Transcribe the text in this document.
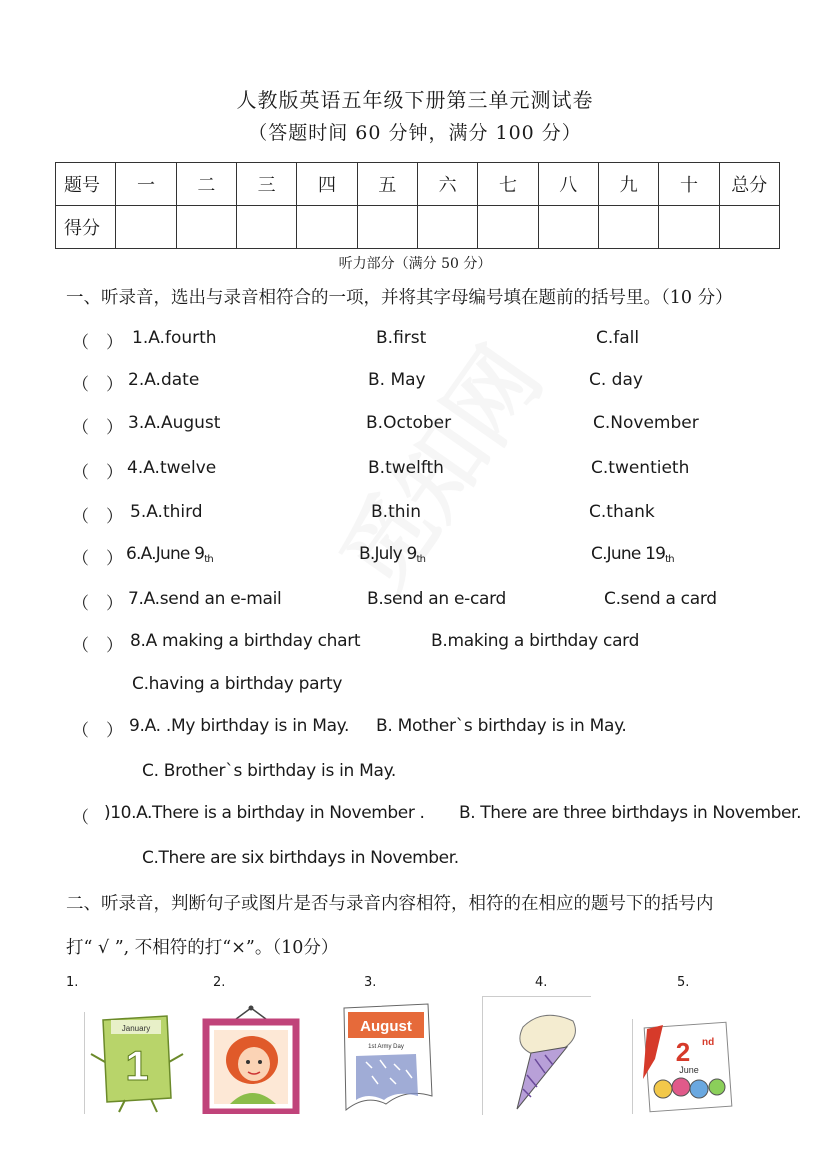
人教版英语五年级下册第三单元测试卷
（答题时间 60 分钟，满分 100 分）
题号	一	二	三	四	五	六	七	八	九	十	总分
得分											
听力部分（满分 50 分）
一、听录音，选出与录音相符合的一项，并将其字母编号填在题前的括号里。（10 分）
（　） 1.A.fourth	B.first	C.fall
（　） 2.A.date	B. May	C. day
（　） 3.A.August	B.October	C.November
（　） 4.A.twelve	B.twelfth	C.twentieth
（　） 5.A.third	B.thin	C.thank
（　） 6.A.June 9th	B.July 9th	C.June 19th
（　） 7.A.send an e-mail	B.send an e-card	C.send a card
（　） 8.A making a birthday chart	B.making a birthday card
C.having a birthday party
（　） 9.A. .My birthday is in May. B. Mother`s birthday is in May.
C. Brother`s birthday is in May.
（ )10.A.There is a birthday in November . B. There are three birthdays in November.
C.There are six birthdays in November.
二、听录音，判断句子或图片是否与录音内容相符，相符的在相应的题号下的括号内
打“ √ ”, 不相符的打“×”。（10分）
1.	2.	3.	4.	5.
January
1
August
1st Army Day	2 nd
June
